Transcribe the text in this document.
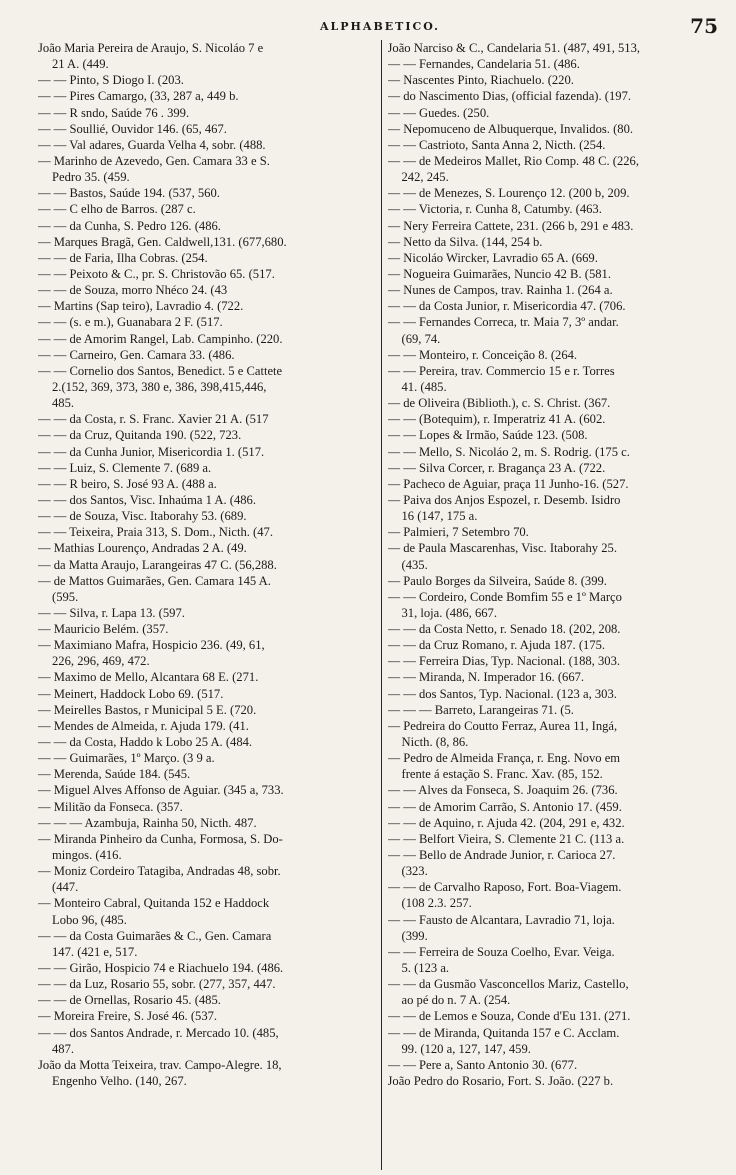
ALPHABETICO.	75
João Maria Pereira de Araujo, S. Nicoláo 7 e
21 A. (449.
— — Pinto, S Diogo I. (203.
— — Pires Camargo, (33, 287 a, 449 b.
— — R sndo, Saúde 76 . 399.
— — Soullié, Ouvidor 146. (65, 467.
— — Val adares, Guarda Velha 4, sobr. (488.
— Marinho de Azevedo, Gen. Camara 33 e S.
Pedro 35. (459.
— — Bastos, Saúde 194. (537, 560.
— — C elho de Barros. (287 c.
— — da Cunha, S. Pedro 126. (486.
— Marques Bragã, Gen. Caldwell,131. (677,680.
— — de Faria, Ilha Cobras. (254.
— — Peixoto & C., pr. S. Christovão 65. (517.
— — de Souza, morro Nhéco 24. (43
— Martins (Sap teiro), Lavradio 4. (722.
— — (s. e m.), Guanabara 2 F. (517.
— — de Amorim Rangel, Lab. Campinho. (220.
— — Carneiro, Gen. Camara 33. (486.
— — Cornelio dos Santos, Benedict. 5 e Cattete
2.(152, 369, 373, 380 e, 386, 398,415,446,
485.
— — da Costa, r. S. Franc. Xavier 21 A. (517
— — da Cruz, Quitanda 190. (522, 723.
— — da Cunha Junior, Misericordia 1. (517.
— — Luiz, S. Clemente 7. (689 a.
— — R beiro, S. José 93 A. (488 a.
— — dos Santos, Visc. Inhaúma 1 A. (486.
— — de Souza, Visc. Itaborahy 53. (689.
— — Teixeira, Praia 313, S. Dom., Nicth. (47.
— Mathias Lourenço, Andradas 2 A. (49.
— da Matta Araujo, Larangeiras 47 C. (56,288.
— de Mattos Guimarães, Gen. Camara 145 A.
(595.
— — Silva, r. Lapa 13. (597.
— Mauricio Belém. (357.
— Maximiano Mafra, Hospicio 236. (49, 61,
226, 296, 469, 472.
— Maximo de Mello, Alcantara 68 E. (271.
— Meinert, Haddock Lobo 69. (517.
— Meirelles Bastos, r Municipal 5 E. (720.
— Mendes de Almeida, r. Ajuda 179. (41.
— — da Costa, Haddo k Lobo 25 A. (484.
— — Guimarães, 1º Março. (3 9 a.
— Merenda, Saúde 184. (545.
— Miguel Alves Affonso de Aguiar. (345 a, 733.
— Militão da Fonseca. (357.
— — — Azambuja, Rainha 50, Nicth. 487.
— Miranda Pinheiro da Cunha, Formosa, S. Do-
mingos. (416.
— Moniz Cordeiro Tatagiba, Andradas 48, sobr.
(447.
— Monteiro Cabral, Quitanda 152 e Haddock
Lobo 96, (485.
— — da Costa Guimarães & C., Gen. Camara
147. (421 e, 517.
— — Girão, Hospicio 74 e Riachuelo 194. (486.
— — da Luz, Rosario 55, sobr. (277, 357, 447.
— — de Ornellas, Rosario 45. (485.
— Moreira Freire, S. José 46. (537.
— — dos Santos Andrade, r. Mercado 10. (485,
487.
João da Motta Teixeira, trav. Campo-Alegre. 18,
Engenho Velho. (140, 267.
João Narciso & C., Candelaria 51. (487, 491, 513,
— — Fernandes, Candelaria 51. (486.
— Nascentes Pinto, Riachuelo. (220.
— do Nascimento Dias, (official fazenda). (197.
— — Guedes. (250.
— Nepomuceno de Albuquerque, Invalidos. (80.
— — Castrioto, Santa Anna 2, Nicth. (254.
— — de Medeiros Mallet, Rio Comp. 48 C. (226,
242, 245.
— — de Menezes, S. Lourenço 12. (200 b, 209.
— — Victoria, r. Cunha 8, Catumby. (463.
— Nery Ferreira Cattete, 231. (266 b, 291 e 483.
— Netto da Silva. (144, 254 b.
— Nicoláo Wircker, Lavradio 65 A. (669.
— Nogueira Guimarães, Nuncio 42 B. (581.
— Nunes de Campos, trav. Rainha 1. (264 a.
— — da Costa Junior, r. Misericordia 47. (706.
— — Fernandes Correca, tr. Maia 7, 3º andar.
(69, 74.
— — Monteiro, r. Conceição 8. (264.
— — Pereira, trav. Commercio 15 e r. Torres
41. (485.
— de Oliveira (Biblioth.), c. S. Christ. (367.
— — (Botequim), r. Imperatriz 41 A. (602.
— — Lopes & Irmão, Saúde 123. (508.
— — Mello, S. Nicoláo 2, m. S. Rodrig. (175 c.
— — Silva Corcer, r. Bragança 23 A. (722.
— Pacheco de Aguiar, praça 11 Junho-16. (527.
— Paiva dos Anjos Espozel, r. Desemb. Isidro
16 (147, 175 a.
— Palmieri, 7 Setembro 70.
— de Paula Mascarenhas, Visc. Itaborahy 25.
(435.
— Paulo Borges da Silveira, Saúde 8. (399.
— — Cordeiro, Conde Bomfim 55 e 1º Março
31, loja. (486, 667.
— — da Costa Netto, r. Senado 18. (202, 208.
— — da Cruz Romano, r. Ajuda 187. (175.
— — Ferreira Dias, Typ. Nacional. (188, 303.
— — Miranda, N. Imperador 16. (667.
— — dos Santos, Typ. Nacional. (123 a, 303.
— — — Barreto, Larangeiras 71. (5.
— Pedreira do Coutto Ferraz, Aurea 11, Ingá,
Nicth. (8, 86.
— Pedro de Almeida França, r. Eng. Novo em
frente á estação S. Franc. Xav. (85, 152.
— — Alves da Fonseca, S. Joaquim 26. (736.
— — de Amorim Carrão, S. Antonio 17. (459.
— — de Aquino, r. Ajuda 42. (204, 291 e, 432.
— — Belfort Vieira, S. Clemente 21 C. (113 a.
— — Bello de Andrade Junior, r. Carioca 27.
(323.
— — de Carvalho Raposo, Fort. Boa-Viagem.
(108 2.3. 257.
— — Fausto de Alcantara, Lavradio 71, loja.
(399.
— — Ferreira de Souza Coelho, Evar. Veiga.
5. (123 a.
— — da Gusmão Vasconcellos Mariz, Castello,
ao pé do n. 7 A. (254.
— — de Lemos e Souza, Conde d'Eu 131. (271.
— — de Miranda, Quitanda 157 e C. Acclam.
99. (120 a, 127, 147, 459.
— — Pere a, Santo Antonio 30. (677.
João Pedro do Rosario, Fort. S. João. (227 b.
